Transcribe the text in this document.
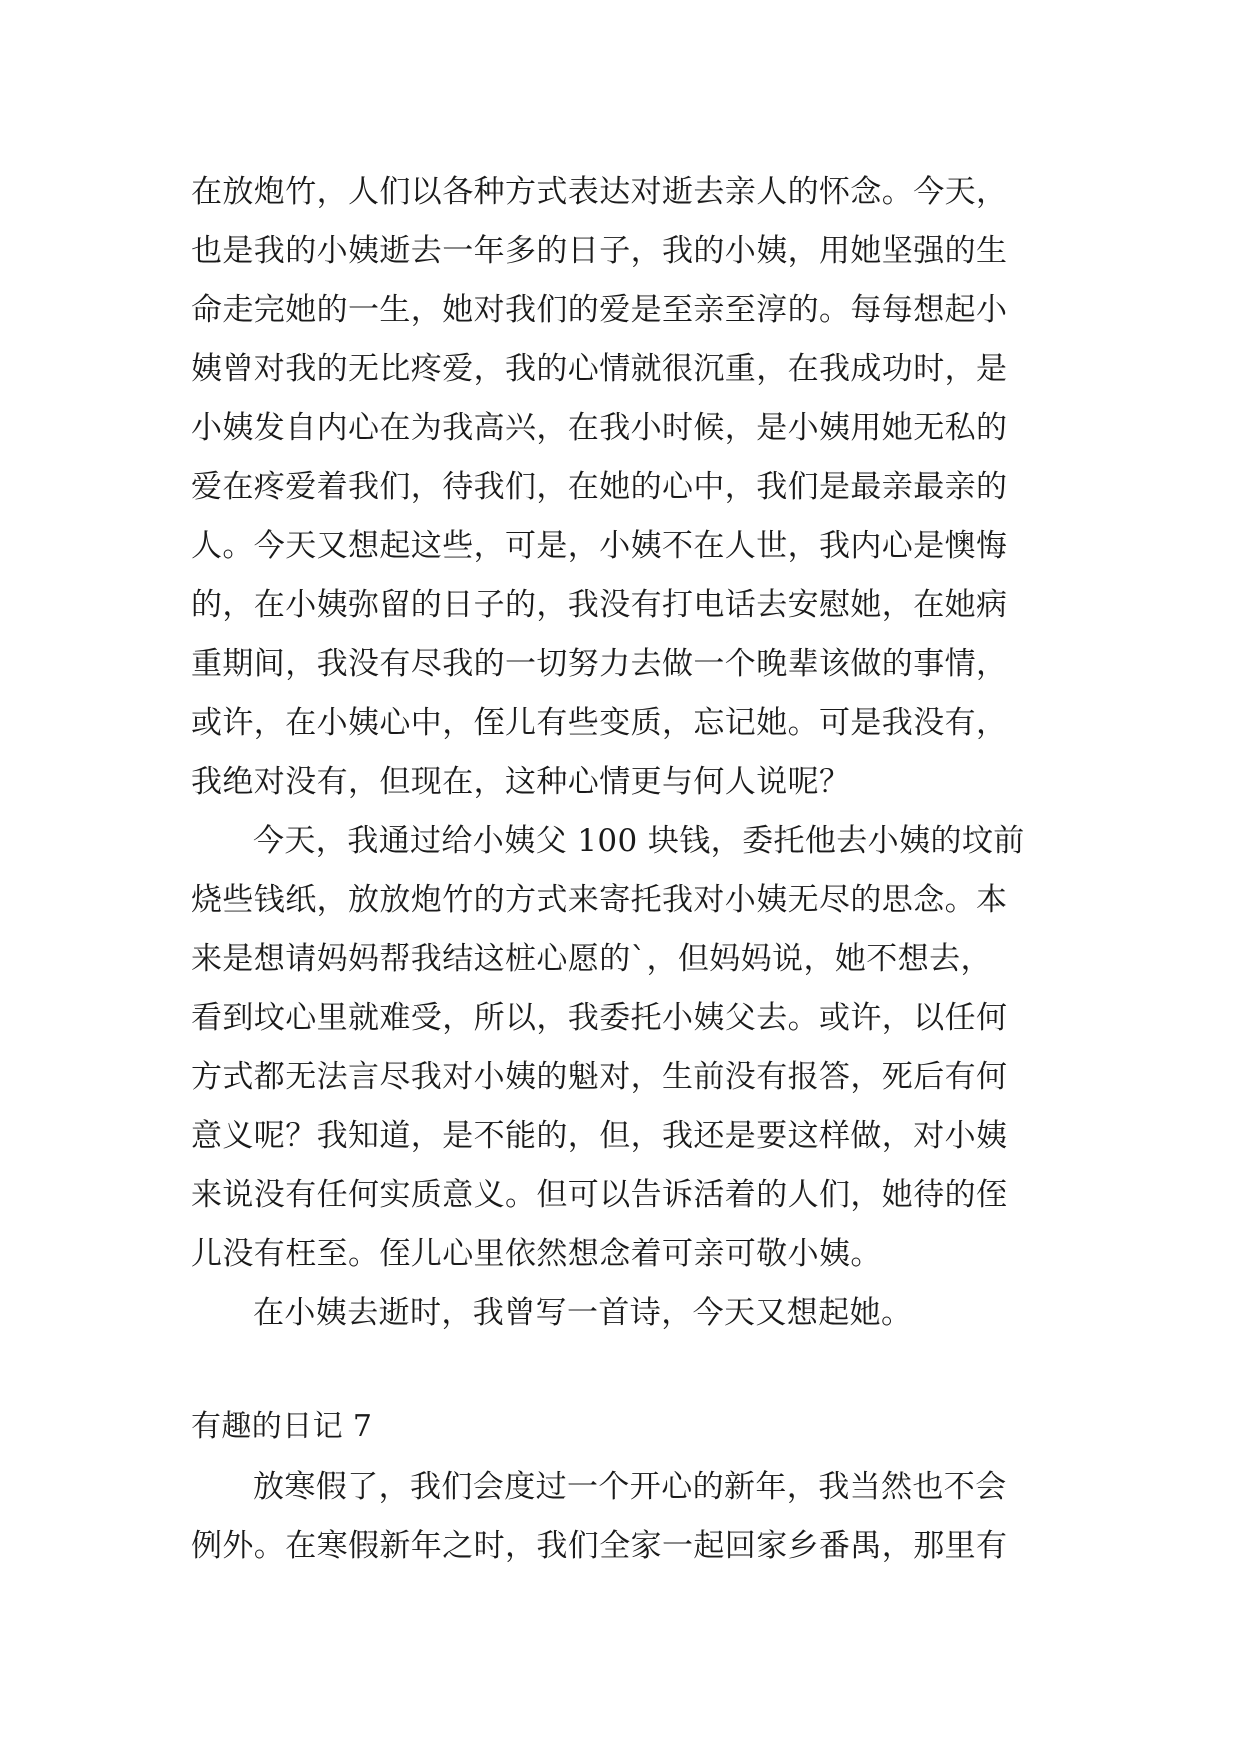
在放炮竹，人们以各种方式表达对逝去亲人的怀念。今天，
也是我的小姨逝去一年多的日子，我的小姨，用她坚强的生
命走完她的一生，她对我们的爱是至亲至淳的。每每想起小
姨曾对我的无比疼爱，我的心情就很沉重，在我成功时，是
小姨发自内心在为我高兴，在我小时候，是小姨用她无私的
爱在疼爱着我们，待我们，在她的心中，我们是最亲最亲的
人。今天又想起这些，可是，小姨不在人世，我内心是懊悔
的，在小姨弥留的日子的，我没有打电话去安慰她，在她病
重期间，我没有尽我的一切努力去做一个晚辈该做的事情，
或许，在小姨心中，侄儿有些变质，忘记她。可是我没有，
我绝对没有，但现在，这种心情更与何人说呢？
今天，我通过给小姨父 100 块钱，委托他去小姨的坟前
烧些钱纸，放放炮竹的方式来寄托我对小姨无尽的思念。本
来是想请妈妈帮我结这桩心愿的`，但妈妈说，她不想去，
看到坟心里就难受，所以，我委托小姨父去。或许，以任何
方式都无法言尽我对小姨的魁对，生前没有报答，死后有何
意义呢？我知道，是不能的，但，我还是要这样做，对小姨
来说没有任何实质意义。但可以告诉活着的人们，她待的侄
儿没有枉至。侄儿心里依然想念着可亲可敬小姨。
在小姨去逝时，我曾写一首诗，今天又想起她。
有趣的日记 7
放寒假了，我们会度过一个开心的新年，我当然也不会
例外。在寒假新年之时，我们全家一起回家乡番禺，那里有
